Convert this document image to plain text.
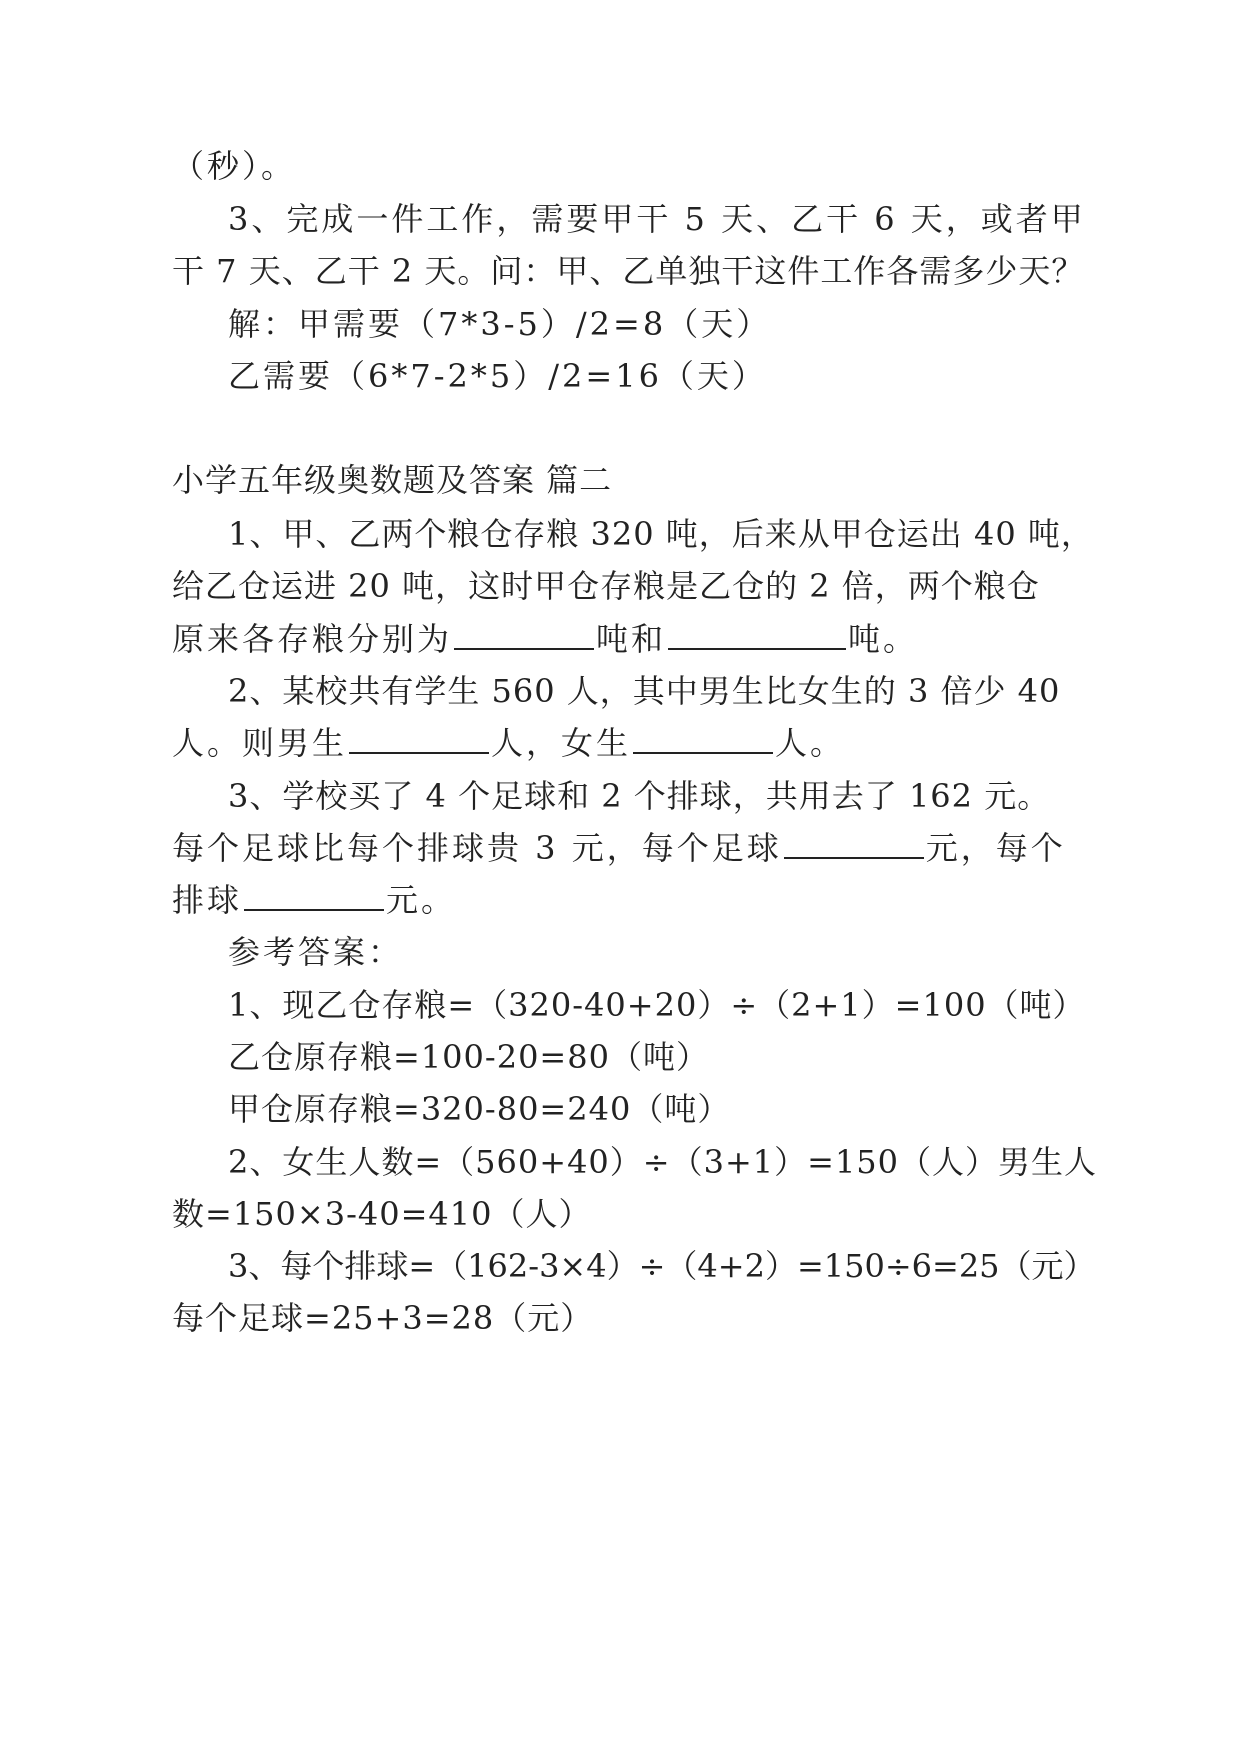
（秒）。
3、完成一件工作，需要甲干 5 天、乙干 6 天，或者甲
干 7 天、乙干 2 天。问：甲、乙单独干这件工作各需多少天？
解：甲需要（7*3-5）/2=8（天）
乙需要（6*7-2*5）/2=16（天）
小学五年级奥数题及答案 篇二
1、甲、乙两个粮仓存粮 320 吨，后来从甲仓运出 40 吨，
给乙仓运进 20 吨，这时甲仓存粮是乙仓的 2 倍，两个粮仓
原来各存粮分别为	吨和	吨。
2、某校共有学生 560 人，其中男生比女生的 3 倍少 40
人。则男生	人，女生	人。
3、学校买了 4 个足球和 2 个排球，共用去了 162 元。
每个足球比每个排球贵 3 元，每个足球	元，每个
排球	元。
参考答案：
1、现乙仓存粮=（320-40+20）÷（2+1）=100（吨）
乙仓原存粮=100-20=80（吨）
甲仓原存粮=320-80=240（吨）
2、女生人数=（560+40）÷（3+1）=150（人）男生人
数=150×3-40=410（人）
3、每个排球=（162-3×4）÷（4+2）=150÷6=25（元）
每个足球=25+3=28（元）
